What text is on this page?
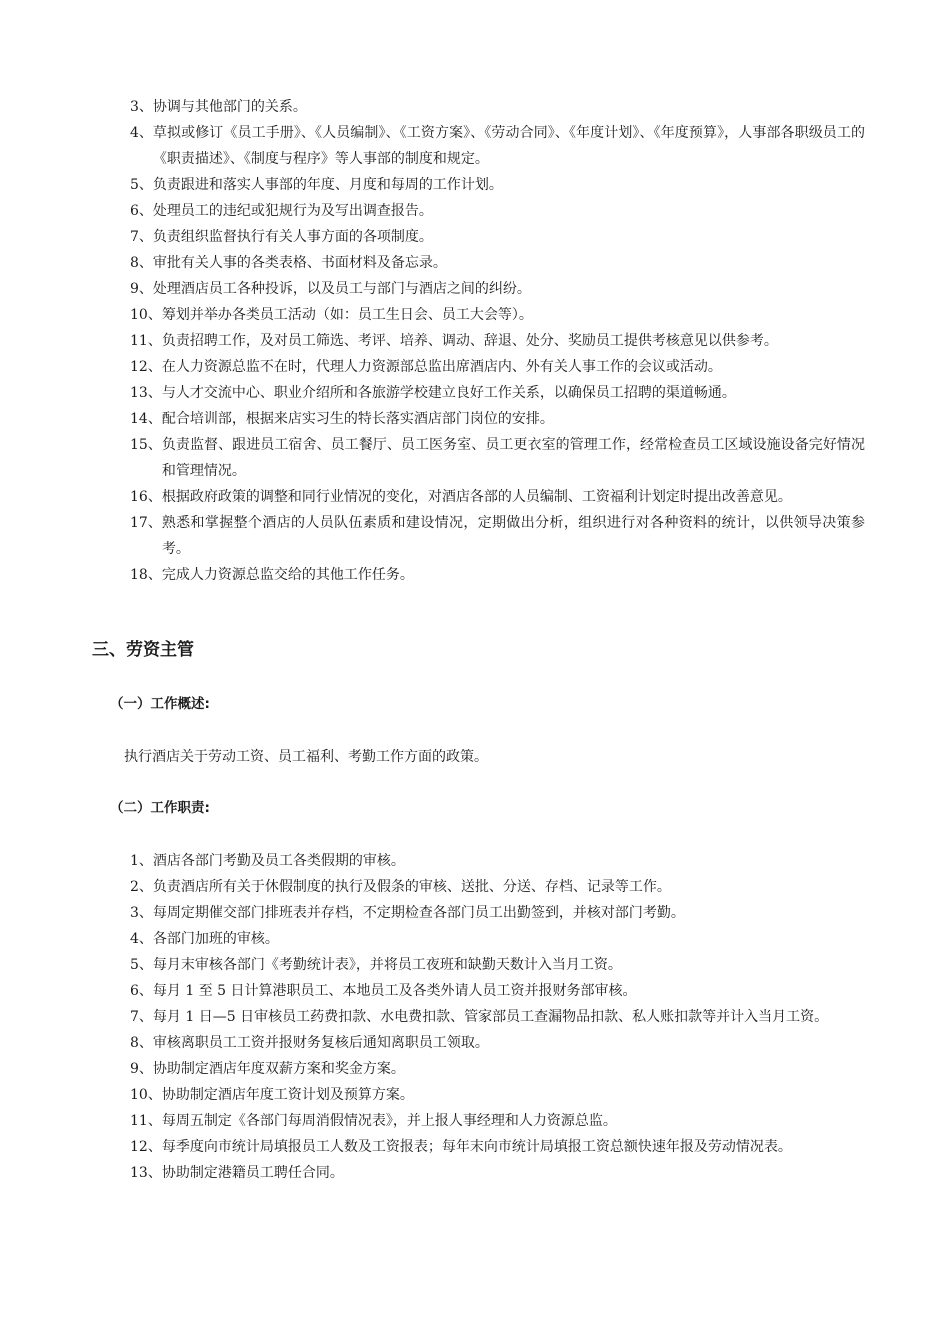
3、 协调与其他部门的关系。
4、 草拟或修订《员工手册》、《人员编制》、《工资方案》、《劳动合同》、《年度计划》、《年度预算》，人事部各职级员工的《职责描述》、《制度与程序》等人事部的制度和规定。
5、 负责跟进和落实人事部的年度、月度和每周的工作计划。
6、 处理员工的违纪或犯规行为及写出调查报告。
7、 负责组织监督执行有关人事方面的各项制度。
8、 审批有关人事的各类表格、书面材料及备忘录。
9、 处理酒店员工各种投诉，以及员工与部门与酒店之间的纠纷。
10、 筹划并举办各类员工活动（如：员工生日会、员工大会等）。
11、 负责招聘工作，及对员工筛选、考评、培养、调动、辞退、处分、奖励员工提供考核意见以供参考。
12、 在人力资源总监不在时，代理人力资源部总监出席酒店内、外有关人事工作的会议或活动。
13、 与人才交流中心、职业介绍所和各旅游学校建立良好工作关系，以确保员工招聘的渠道畅通。
14、 配合培训部，根据来店实习生的特长落实酒店部门岗位的安排。
15、 负责监督、跟进员工宿舍、员工餐厅、员工医务室、员工更衣室的管理工作，经常检查员工区域设施设备完好情况和管理情况。
16、 根据政府政策的调整和同行业情况的变化，对酒店各部的人员编制、工资福利计划定时提出改善意见。
17、 熟悉和掌握整个酒店的人员队伍素质和建设情况，定期做出分析，组织进行对各种资料的统计，以供领导决策参考。
18、 完成人力资源总监交给的其他工作任务。
三、劳资主管
（一）工作概述:
执行酒店关于劳动工资、员工福利、考勤工作方面的政策。
（二）工作职责:
1、 酒店各部门考勤及员工各类假期的审核。
2、 负责酒店所有关于休假制度的执行及假条的审核、送批、分送、存档、记录等工作。
3、 每周定期催交部门排班表并存档，不定期检查各部门员工出勤签到，并核对部门考勤。
4、 各部门加班的审核。
5、 每月末审核各部门《考勤统计表》，并将员工夜班和缺勤天数计入当月工资。
6、 每月 1 至 5 日计算港职员工、本地员工及各类外请人员工资并报财务部审核。
7、 每月 1 日—5 日审核员工药费扣款、水电费扣款、管家部员工查漏物品扣款、私人账扣款等并计入当月工资。
8、 审核离职员工工资并报财务复核后通知离职员工领取。
9、 协助制定酒店年度双薪方案和奖金方案。
10、 协助制定酒店年度工资计划及预算方案。
11、 每周五制定《各部门每周消假情况表》，并上报人事经理和人力资源总监。
12、 每季度向市统计局填报员工人数及工资报表；每年末向市统计局填报工资总额快速年报及劳动情况表。
13、 协助制定港籍员工聘任合同。
